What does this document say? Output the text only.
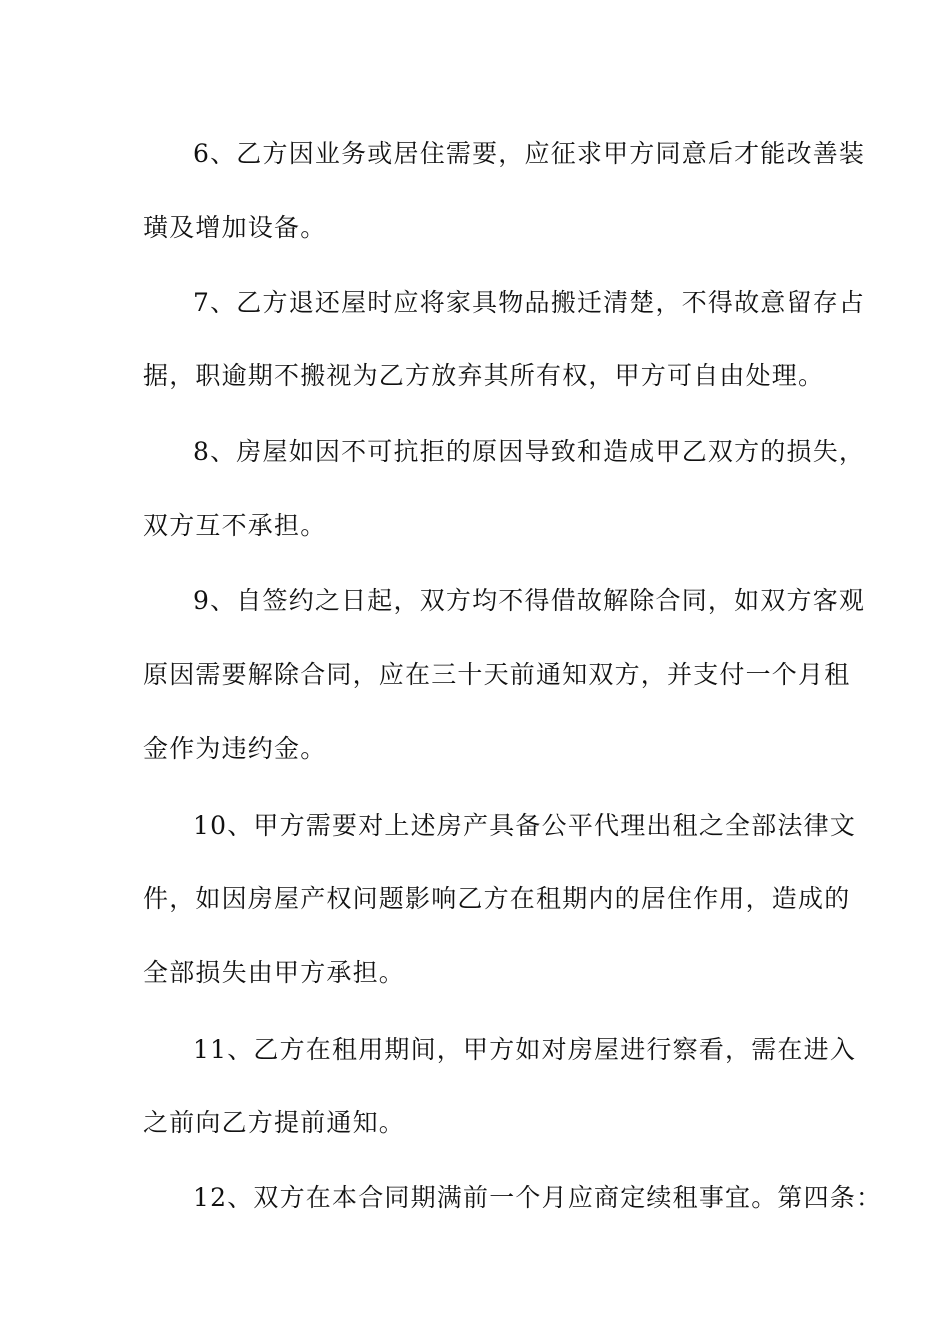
6、乙方因业务或居住需要，应征求甲方同意后才能改善装
璜及增加设备。
7、乙方退还屋时应将家具物品搬迁清楚，不得故意留存占
据，职逾期不搬视为乙方放弃其所有权，甲方可自由处理。
8、房屋如因不可抗拒的原因导致和造成甲乙双方的损失，
双方互不承担。
9、自签约之日起，双方均不得借故解除合同，如双方客观
原因需要解除合同，应在三十天前通知双方，并支付一个月租
金作为违约金。
10、甲方需要对上述房产具备公平代理出租之全部法律文
件，如因房屋产权问题影响乙方在租期内的居住作用，造成的
全部损失由甲方承担。
11、乙方在租用期间，甲方如对房屋进行察看，需在进入
之前向乙方提前通知。
12、双方在本合同期满前一个月应商定续租事宜。第四条：
